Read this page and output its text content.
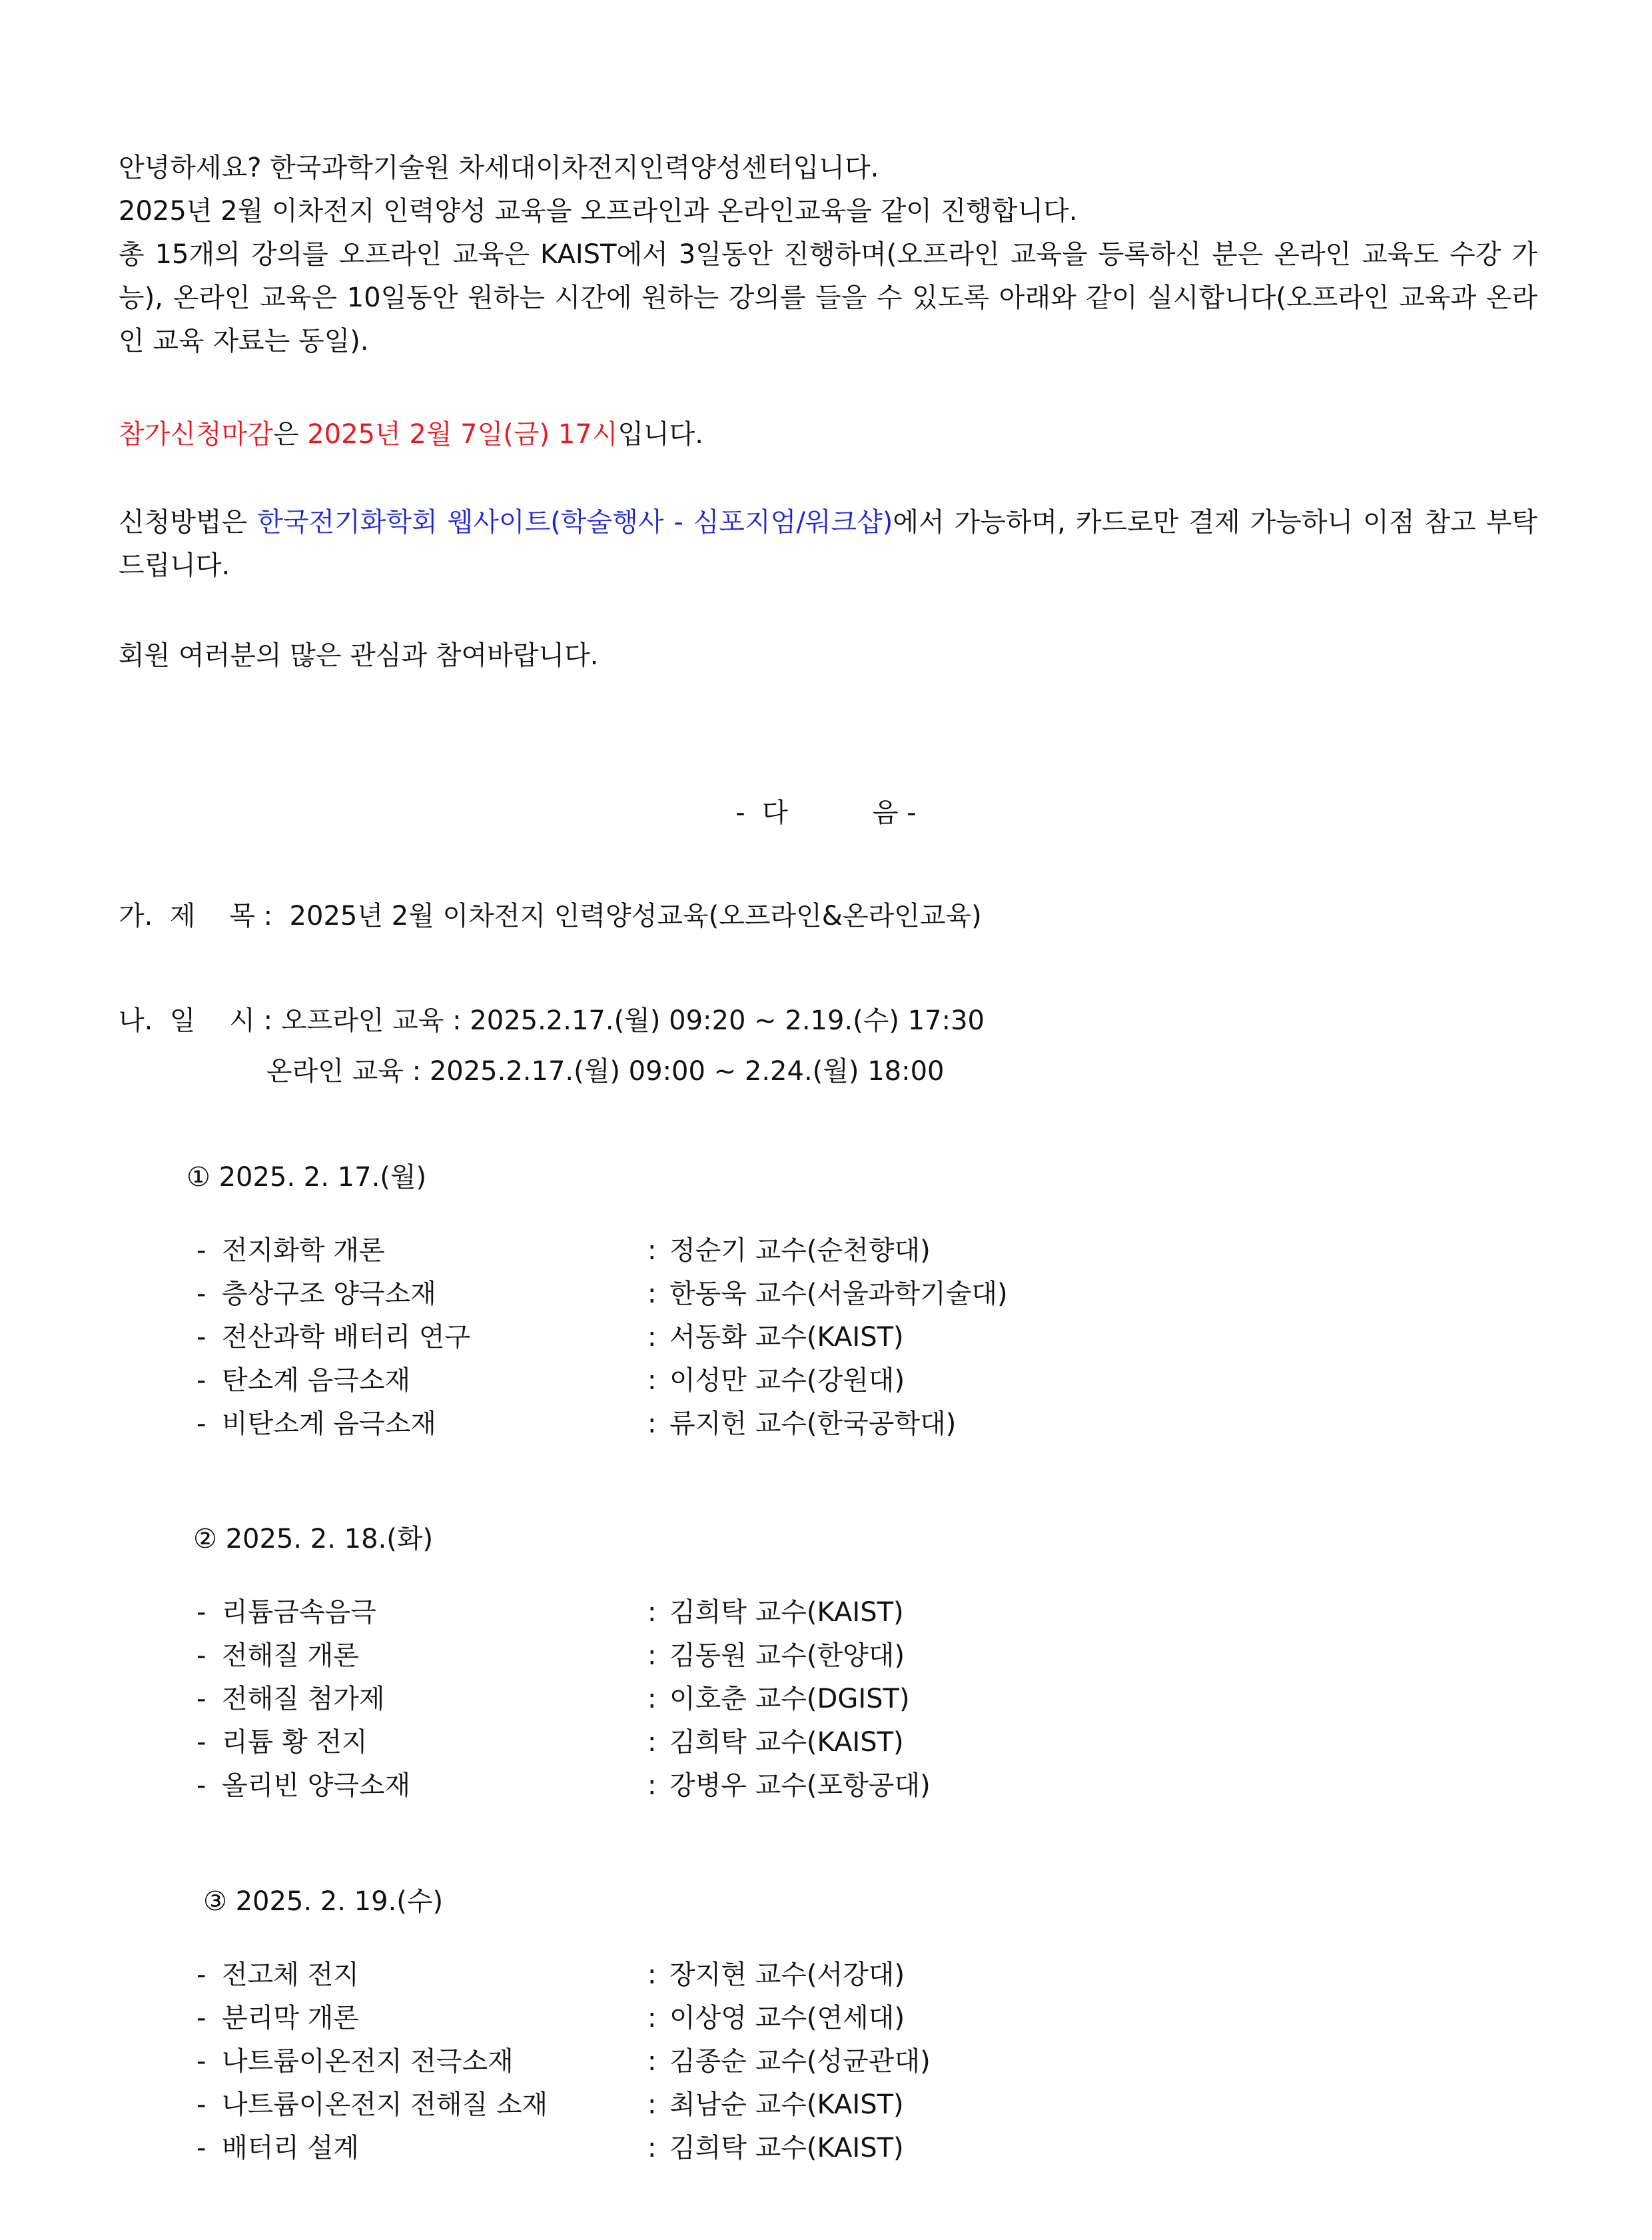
안녕하세요? 한국과학기술원 차세대이차전지인력양성센터입니다.

2025년 2월 이차전지 인력양성 교육을 오프라인과 온라인교육을 같이 진행합니다.

총 15개의 강의를 오프라인 교육은 KAIST에서 3일동안 진행하며(오프라인 교육을 등록하신 분은 온라인 교육도 수강 가능), 온라인 교육은 10일동안 원하는 시간에 원하는 강의를 들을 수 있도록 아래와 같이 실시합니다(오프라인 교육과 온라인 교육 자료는 동일).

참가신청마감은 2025년 2월 7일(금) 17시입니다.

신청방법은 한국전기화학회 웹사이트(학술행사 - 심포지엄/워크샵)에서 가능하며, 카드로만 결제 가능하니 이점 참고 부탁 드립니다.

회원 여러분의 많은 관심과 참여바랍니다.

-  다          음 -
가.  제    목 :  2025년 2월 이차전지 인력양성교육(오프라인&온라인교육)
나.  일    시 : 오프라인 교육 : 2025.2.17.(월) 09:20 ~ 2.19.(수) 17:30
온라인 교육 : 2025.2.17.(월) 09:00 ~ 2.24.(월) 18:00
① 2025. 2. 17.(월)
- 전지화학 개론	: 정순기 교수(순천향대)
- 층상구조 양극소재	: 한동욱 교수(서울과학기술대)
- 전산과학 배터리 연구	: 서동화 교수(KAIST)
- 탄소계 음극소재	: 이성만 교수(강원대)
- 비탄소계 음극소재	: 류지헌 교수(한국공학대)
② 2025. 2. 18.(화)
- 리튬금속음극	: 김희탁 교수(KAIST)
- 전해질 개론	: 김동원 교수(한양대)
- 전해질 첨가제	: 이호춘 교수(DGIST)
- 리튬 황 전지	: 김희탁 교수(KAIST)
- 올리빈 양극소재	: 강병우 교수(포항공대)
③ 2025. 2. 19.(수)
- 전고체 전지	: 장지현 교수(서강대)
- 분리막 개론	: 이상영 교수(연세대)
- 나트륨이온전지 전극소재	: 김종순 교수(성균관대)
- 나트륨이온전지 전해질 소재	: 최남순 교수(KAIST)
- 배터리 설계	: 김희탁 교수(KAIST)
